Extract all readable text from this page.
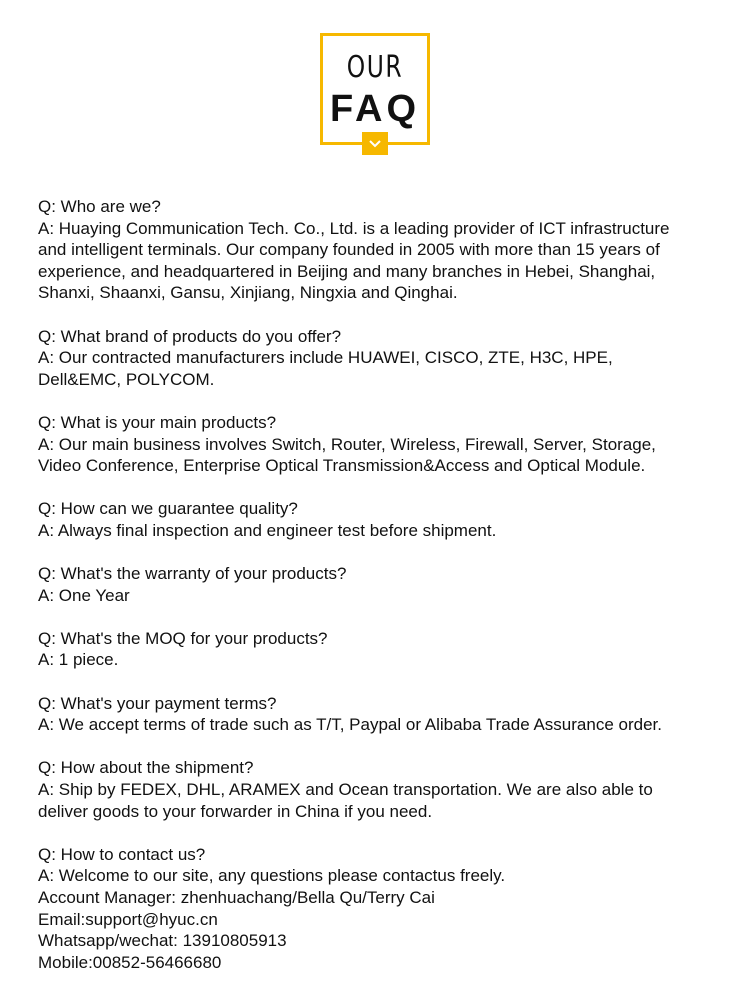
OUR
FAQ
Q: Who are we?
A: Huaying Communication Tech. Co., Ltd. is a leading provider of ICT infrastructure
and intelligent terminals. Our company founded in 2005 with more than 15 years of
experience, and headquartered in Beijing and many branches in Hebei, Shanghai,
Shanxi, Shaanxi, Gansu, Xinjiang, Ningxia and Qinghai.
Q: What brand of products do you offer?
A: Our contracted manufacturers include HUAWEI, CISCO, ZTE, H3C, HPE,
Dell&EMC, POLYCOM.
Q: What is your main products?
A: Our main business involves Switch, Router, Wireless, Firewall, Server, Storage,
Video Conference, Enterprise Optical Transmission&Access and Optical Module.
Q: How can we guarantee quality?
A: Always final inspection and engineer test before shipment.
Q: What's the warranty of your products?
A: One Year
Q: What's the MOQ for your products?
A: 1 piece.
Q: What's your payment terms?
A: We accept terms of trade such as T/T, Paypal or Alibaba Trade Assurance order.
Q: How about the shipment?
A: Ship by FEDEX, DHL, ARAMEX and Ocean transportation. We are also able to
deliver goods to your forwarder in China if you need.
Q: How to contact us?
A: Welcome to our site, any questions please contactus freely.
Account Manager: zhenhuachang/Bella Qu/Terry Cai
Email:support@hyuc.cn
Whatsapp/wechat: 13910805913
Mobile:00852-56466680
